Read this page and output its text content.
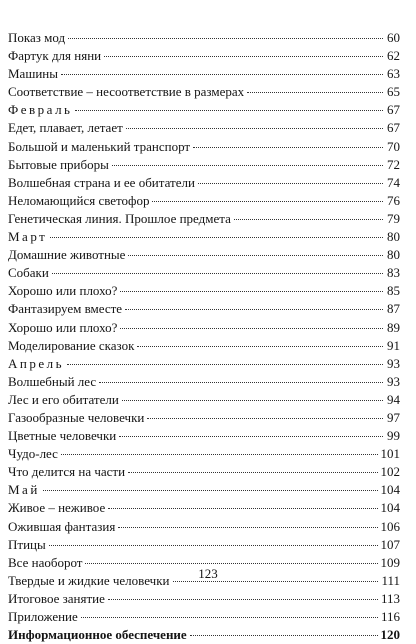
Показ мод	60
Фартук для няни	62
Машины	63
Соответствие – несоответствие в размерах	65
Февраль	67
Едет, плавает, летает	67
Большой и маленький транспорт	70
Бытовые приборы	72
Волшебная страна и ее обитатели	74
Неломающийся светофор	76
Генетическая линия. Прошлое предмета	79
Март	80
Домашние животные	80
Собаки	83
Хорошо или плохо?	85
Фантазируем вместе	87
Хорошо или плохо?	89
Моделирование сказок	91
Апрель	93
Волшебный лес	93
Лес и его обитатели	94
Газообразные человечки	97
Цветные человечки	99
Чудо-лес	101
Что делится на части	102
Май	104
Живое – неживое	104
Ожившая фантазия	106
Птицы	107
Все наоборот	109
Твердые и жидкие человечки	111
Итоговое занятие	113
Приложение	116
Информационное обеспечение	120
123
